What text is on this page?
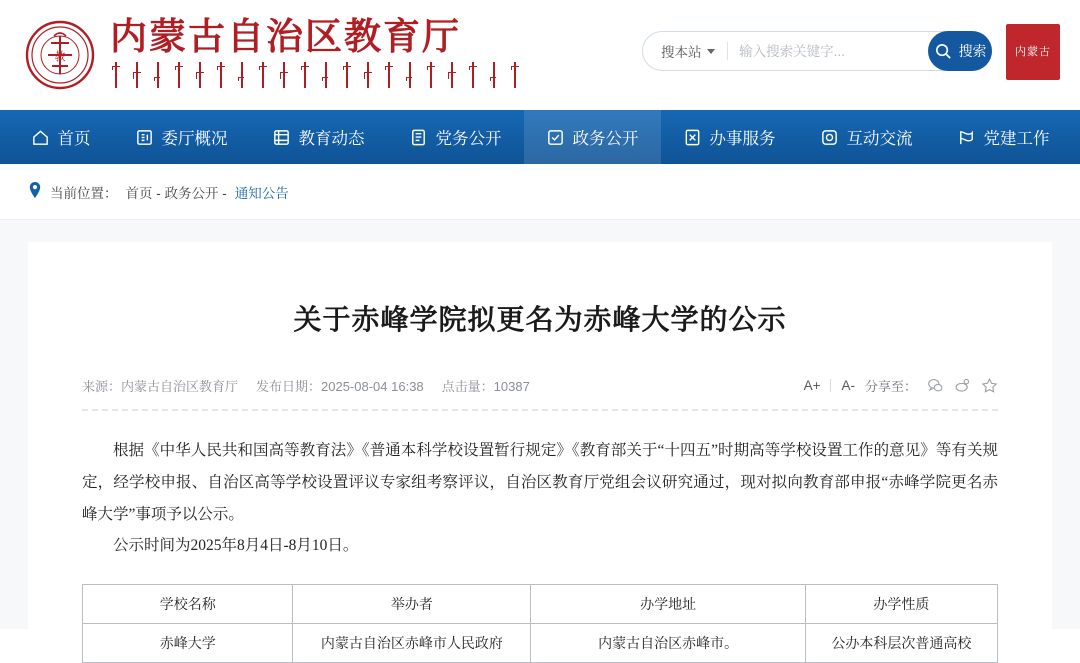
教 内蒙古自治区教育厅	搜本站
输入搜索关键字...	搜索	内蒙古
首页	委厅概况	教育动态	党务公开	政务公开	办事服务	互动交流	党建工作
当前位置： 首页 - 政务公开 - 通知公告
关于赤峰学院拟更名为赤峰大学的公示
来源：内蒙古自治区教育厅 发布日期：2025-08-04 16:38 点击量：10387	A+ A- 分享至：

根据《中华人民共和国高等教育法》《普通本科学校设置暂行规定》《教育部关于“十四五”时期高等学校设置工作的意见》等有关规定，经学校申报、自治区高等学校设置评议专家组考察评议，自治区教育厅党组会议研究通过，现对拟向教育部申报“赤峰学院更名赤峰大学”事项予以公示。

公示时间为2025年8月4日-8月10日。

学校名称	举办者	办学地址	办学性质
赤峰大学	内蒙古自治区赤峰市人民政府	内蒙古自治区赤峰市。	公办本科层次普通高校
